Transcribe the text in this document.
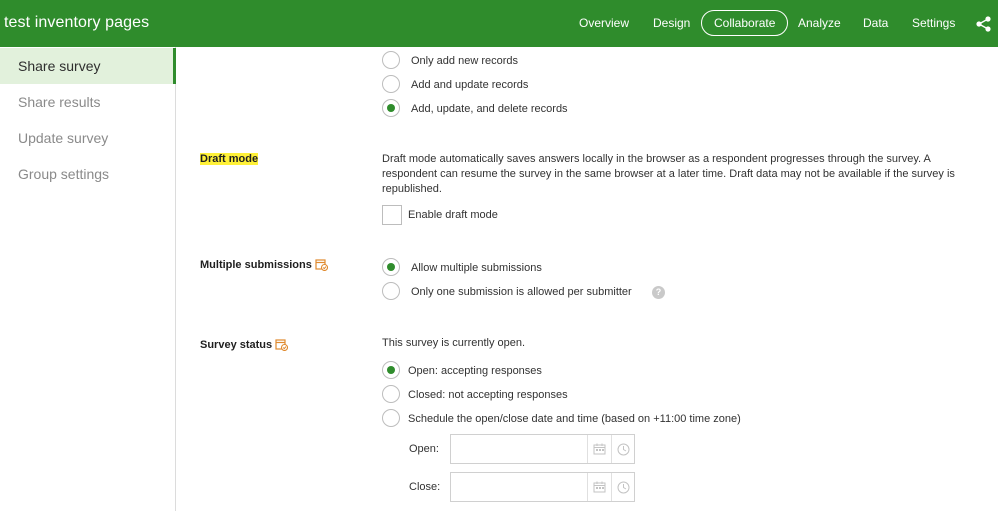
test inventory pages	Overview Design	Collaborate	Analyze Data Settings
Share survey
Share results
Update survey
Group settings
Only add new records
Add and update records
Add, update, and delete records
Draft mode	Draft mode automatically saves answers locally in the browser as a respondent progresses through the survey. A respondent can resume the survey in the same browser at a later time. Draft data may not be available if the survey is republished.
Enable draft mode
Multiple submissions	Allow multiple submissions
Only one submission is allowed per submitter	?
Survey status	This survey is currently open.
Open: accepting responses
Closed: not accepting responses
Schedule the open/close date and time (based on +11:00 time zone)
Open:
Close:
